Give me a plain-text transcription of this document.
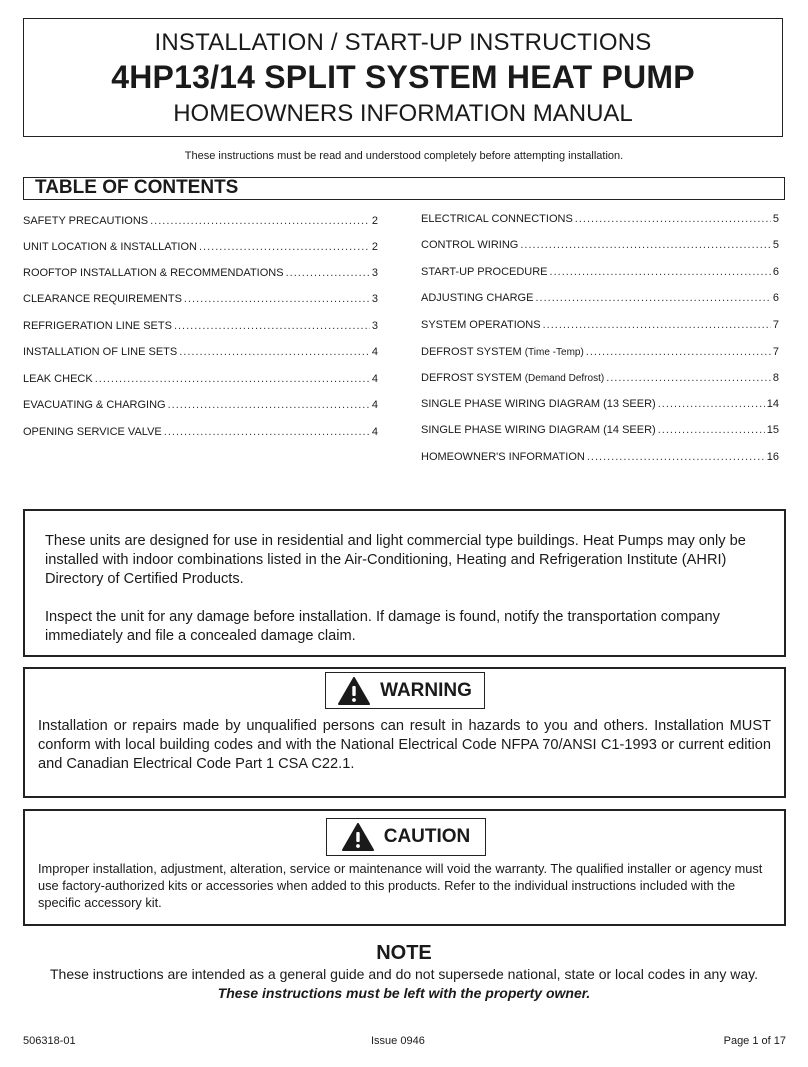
INSTALLATION / START-UP INSTRUCTIONS
4HP13/14 SPLIT SYSTEM HEAT PUMP
HOMEOWNERS INFORMATION MANUAL
These instructions must be read and understood completely before attempting installation.
TABLE OF CONTENTS
SAFETY PRECAUTIONS .....	2
UNIT LOCATION & INSTALLATION .....	2
ROOFTOP INSTALLATION & RECOMMENDATIONS .....	3
CLEARANCE REQUIREMENTS .....	3
REFRIGERATION LINE SETS .....	3
INSTALLATION OF LINE SETS .....	4
LEAK CHECK .....	4
EVACUATING & CHARGING .....	4
OPENING SERVICE VALVE .....	4
ELECTRICAL CONNECTIONS .....	5
CONTROL WIRING .....	5
START-UP PROCEDURE .....	6
ADJUSTING CHARGE .....	6
SYSTEM OPERATIONS .....	7
DEFROST SYSTEM (Time -Temp) .....	7
DEFROST SYSTEM (Demand Defrost) .....	8
SINGLE PHASE WIRING DIAGRAM (13 SEER) .....	14
SINGLE PHASE WIRING DIAGRAM (14 SEER) .....	15
HOMEOWNER'S INFORMATION .....	16

These units are designed for use in residential and light commercial type buildings. Heat Pumps may only be installed with indoor combinations listed in the Air-Conditioning, Heating and Refrigeration Institute (AHRI) Directory of Certified Products.

Inspect the unit for any damage before installation. If damage is found, notify the transportation company immediately and file a concealed damage claim.

WARNING
Installation or repairs made by unqualified persons can result in hazards to you and others. Installation MUST conform with local building codes and with the National Electrical Code NFPA 70/ANSI C1-1993 or current edition and Canadian Electrical Code Part 1 CSA C22.1.
CAUTION
Improper installation, adjustment, alteration, service or maintenance will void the warranty. The qualified installer or agency must use factory-authorized kits or accessories when added to this products. Refer to the individual instructions included with the specific accessory kit.
NOTE
These instructions are intended as a general guide and do not supersede national, state or local codes in any way.
These instructions must be left with the property owner.
506318-01	Issue 0946	Page 1 of 17
